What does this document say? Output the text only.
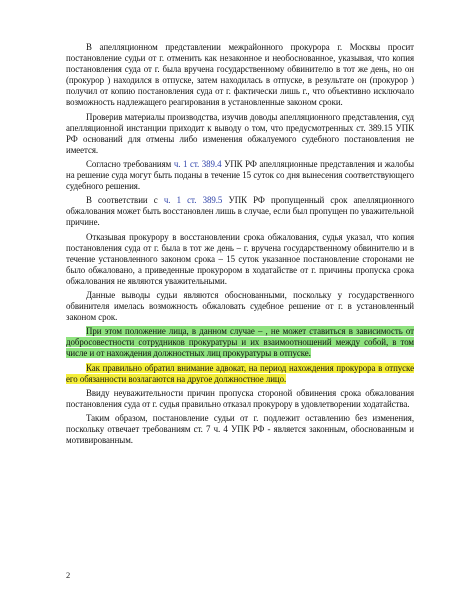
В апелляционном представлении межрайонного прокурора г. Москвы просит постановление судьи от г. отменить как незаконное и необоснованное, указывая, что копия постановления суда от г. была вручена государственному обвинителю в тот же день, но он (прокурор ) находился в отпуске, затем находилась в отпуске, в результате он (прокурор ) получил от копию постановления суда от г. фактически лишь г., что объективно исключало возможность надлежащего реагирования в установленные законом сроки.

Проверив материалы производства, изучив доводы апелляционного представления, суд апелляционной инстанции приходит к выводу о том, что предусмотренных ст. 389.15 УПК РФ оснований для отмены либо изменения обжалуемого судебного постановления не имеется.

Согласно требованиям ч. 1 ст. 389.4 УПК РФ апелляционные представления и жалобы на решение суда могут быть поданы в течение 15 суток со дня вынесения соответствующего судебного решения.

В соответствии с ч. 1 ст. 389.5 УПК РФ пропущенный срок апелляционного обжалования может быть восстановлен лишь в случае, если был пропущен по уважительной причине.

Отказывая прокурору в восстановлении срока обжалования, судья указал, что копия постановления суда от г. была в тот же день – г. вручена государственному обвинителю и в течение установленного законом срока – 15 суток указанное постановление сторонами не было обжаловано, а приведенные прокурором в ходатайстве от г. причины пропуска срока обжалования не являются уважительными.

Данные выводы судьи являются обоснованными, поскольку у государственного обвинителя имелась возможность обжаловать судебное решение от г. в установленный законом срок.

При этом положение лица, в данном случае – , не может ставиться в зависимость от добросовестности сотрудников прокуратуры и их взаимоотношений между собой, в том числе и от нахождения должностных лиц прокуратуры в отпуске.

Как правильно обратил внимание адвокат, на период нахождения прокурора в отпуске его обязанности возлагаются на другое должностное лицо.

Ввиду неуважительности причин пропуска стороной обвинения срока обжалования постановления суда от г. судья правильно отказал прокурору в удовлетворении ходатайства.

Таким образом, постановление судьи от г. подлежит оставлению без изменения, поскольку отвечает требованиям ст. 7 ч. 4 УПК РФ - является законным, обоснованным и мотивированным.

2
